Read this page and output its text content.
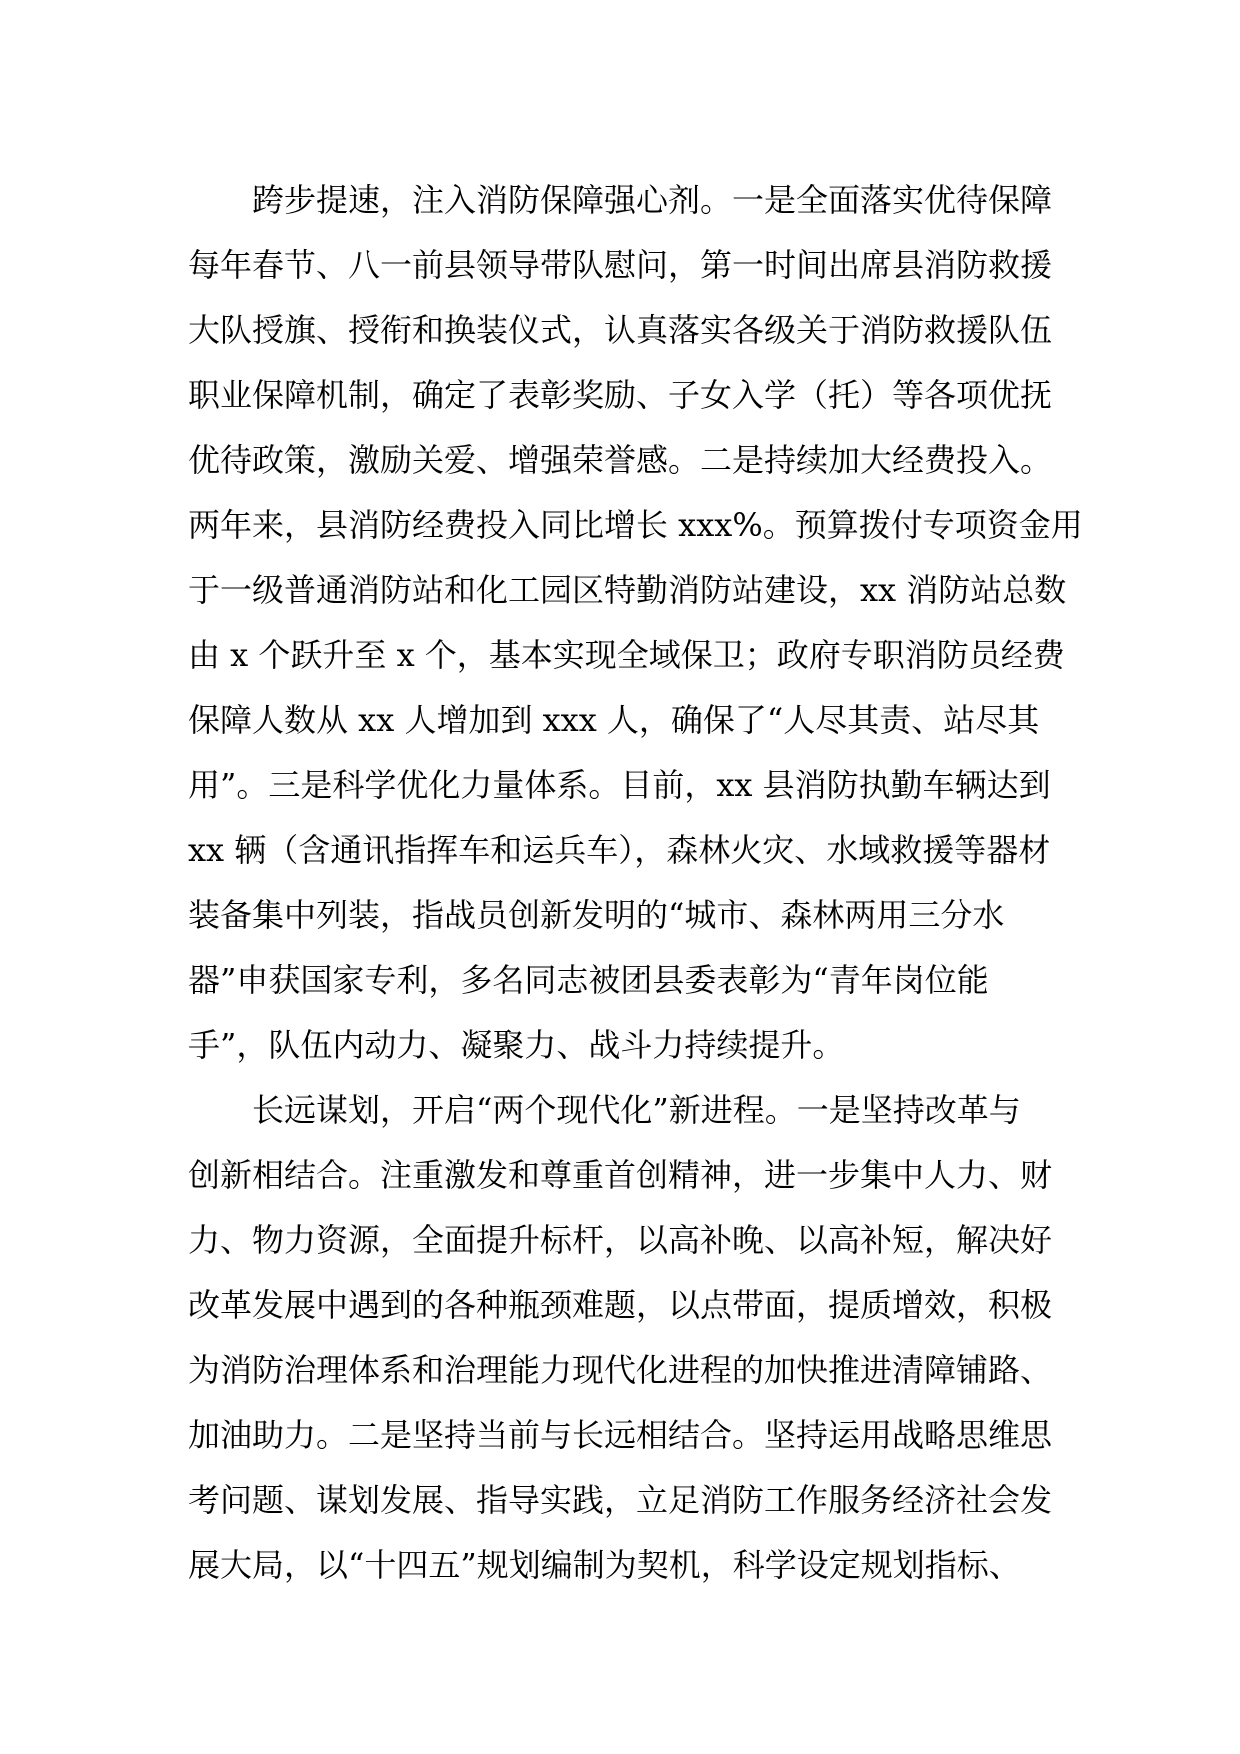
跨步提速，注入消防保障强心剂。一是全面落实优待保障
每年春节、八一前县领导带队慰问，第一时间出席县消防救援
大队授旗、授衔和换装仪式，认真落实各级关于消防救援队伍
职业保障机制，确定了表彰奖励、子女入学（托）等各项优抚
优待政策，激励关爱、增强荣誉感。二是持续加大经费投入。
两年来，县消防经费投入同比增长 xxx%。预算拨付专项资金用
于一级普通消防站和化工园区特勤消防站建设，xx 消防站总数
由 x 个跃升至 x 个，基本实现全域保卫；政府专职消防员经费
保障人数从 xx 人增加到 xxx 人，确保了“人尽其责、站尽其
用”。三是科学优化力量体系。目前，xx 县消防执勤车辆达到
xx 辆（含通讯指挥车和运兵车），森林火灾、水域救援等器材
装备集中列装，指战员创新发明的“城市、森林两用三分水
器”申获国家专利，多名同志被团县委表彰为“青年岗位能
手”，队伍内动力、凝聚力、战斗力持续提升。
长远谋划，开启“两个现代化”新进程。一是坚持改革与
创新相结合。注重激发和尊重首创精神，进一步集中人力、财
力、物力资源，全面提升标杆，以高补晚、以高补短，解决好
改革发展中遇到的各种瓶颈难题，以点带面，提质增效，积极
为消防治理体系和治理能力现代化进程的加快推进清障铺路、
加油助力。二是坚持当前与长远相结合。坚持运用战略思维思
考问题、谋划发展、指导实践，立足消防工作服务经济社会发
展大局，以“十四五”规划编制为契机，科学设定规划指标、
